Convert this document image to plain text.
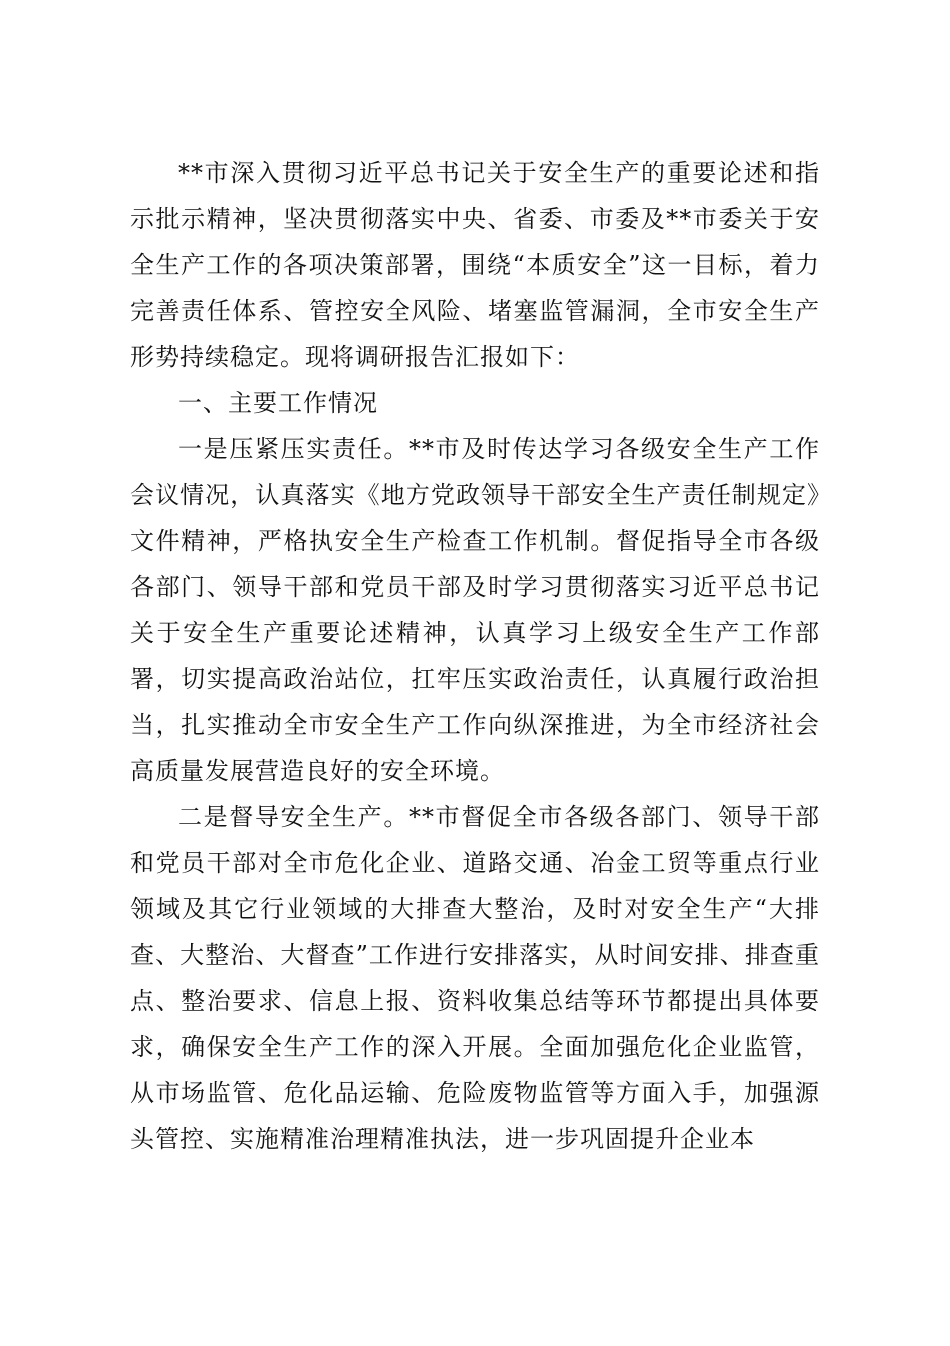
**市深入贯彻习近平总书记关于安全生产的重要论述和指示批示精神，坚决贯彻落实中央、省委、市委及**市委关于安全生产工作的各项决策部署，围绕“本质安全”这一目标，着力完善责任体系、管控安全风险、堵塞监管漏洞，全市安全生产形势持续稳定。现将调研报告汇报如下：

一、主要工作情况

一是压紧压实责任。**市及时传达学习各级安全生产工作会议情况，认真落实《地方党政领导干部安全生产责任制规定》文件精神，严格执安全生产检查工作机制。督促指导全市各级各部门、领导干部和党员干部及时学习贯彻落实习近平总书记关于安全生产重要论述精神，认真学习上级安全生产工作部署，切实提高政治站位，扛牢压实政治责任，认真履行政治担当，扎实推动全市安全生产工作向纵深推进，为全市经济社会高质量发展营造良好的安全环境。

二是督导安全生产。**市督促全市各级各部门、领导干部和党员干部对全市危化企业、道路交通、冶金工贸等重点行业领域及其它行业领域的大排查大整治，及时对安全生产“大排查、大整治、大督查”工作进行安排落实，从时间安排、排查重点、整治要求、信息上报、资料收集总结等环节都提出具体要求，确保安全生产工作的深入开展。全面加强危化企业监管，从市场监管、危化品运输、危险废物监管等方面入手，加强源头管控、实施精准治理精准执法，进一步巩固提升企业本
